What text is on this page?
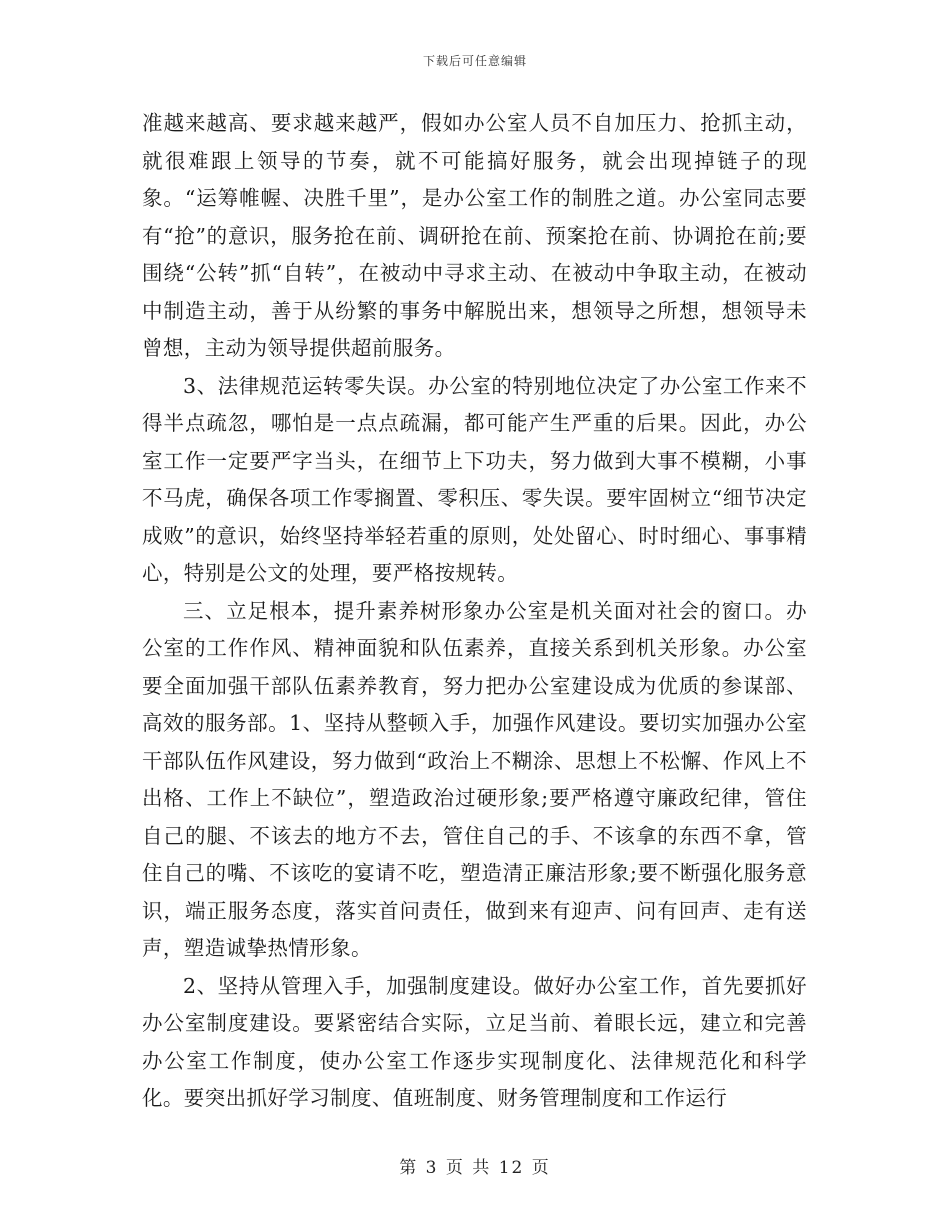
下载后可任意编辑

准越来越高、要求越来越严，假如办公室人员不自加压力、抢抓主动，就很难跟上领导的节奏，就不可能搞好服务，就会出现掉链子的现象。“运筹帷幄、决胜千里”，是办公室工作的制胜之道。办公室同志要有“抢”的意识，服务抢在前、调研抢在前、预案抢在前、协调抢在前;要围绕“公转”抓“自转”，在被动中寻求主动、在被动中争取主动，在被动中制造主动，善于从纷繁的事务中解脱出来，想领导之所想，想领导未曾想，主动为领导提供超前服务。

3、法律规范运转零失误。办公室的特别地位决定了办公室工作来不得半点疏忽，哪怕是一点点疏漏，都可能产生严重的后果。因此，办公室工作一定要严字当头，在细节上下功夫，努力做到大事不模糊，小事不马虎，确保各项工作零搁置、零积压、零失误。要牢固树立“细节决定成败”的意识，始终坚持举轻若重的原则，处处留心、时时细心、事事精心，特别是公文的处理，要严格按规转。

三、立足根本，提升素养树形象办公室是机关面对社会的窗口。办公室的工作作风、精神面貌和队伍素养，直接关系到机关形象。办公室要全面加强干部队伍素养教育，努力把办公室建设成为优质的参谋部、高效的服务部。1、坚持从整顿入手，加强作风建设。要切实加强办公室干部队伍作风建设，努力做到“政治上不糊涂、思想上不松懈、作风上不出格、工作上不缺位”，塑造政治过硬形象;要严格遵守廉政纪律，管住自己的腿、不该去的地方不去，管住自己的手、不该拿的东西不拿，管住自己的嘴、不该吃的宴请不吃，塑造清正廉洁形象;要不断强化服务意识，端正服务态度，落实首问责任，做到来有迎声、问有回声、走有送声，塑造诚挚热情形象。

2、坚持从管理入手，加强制度建设。做好办公室工作，首先要抓好办公室制度建设。要紧密结合实际，立足当前、着眼长远，建立和完善办公室工作制度，使办公室工作逐步实现制度化、法律规范化和科学化。要突出抓好学习制度、值班制度、财务管理制度和工作运行

第 3 页 共 12 页
